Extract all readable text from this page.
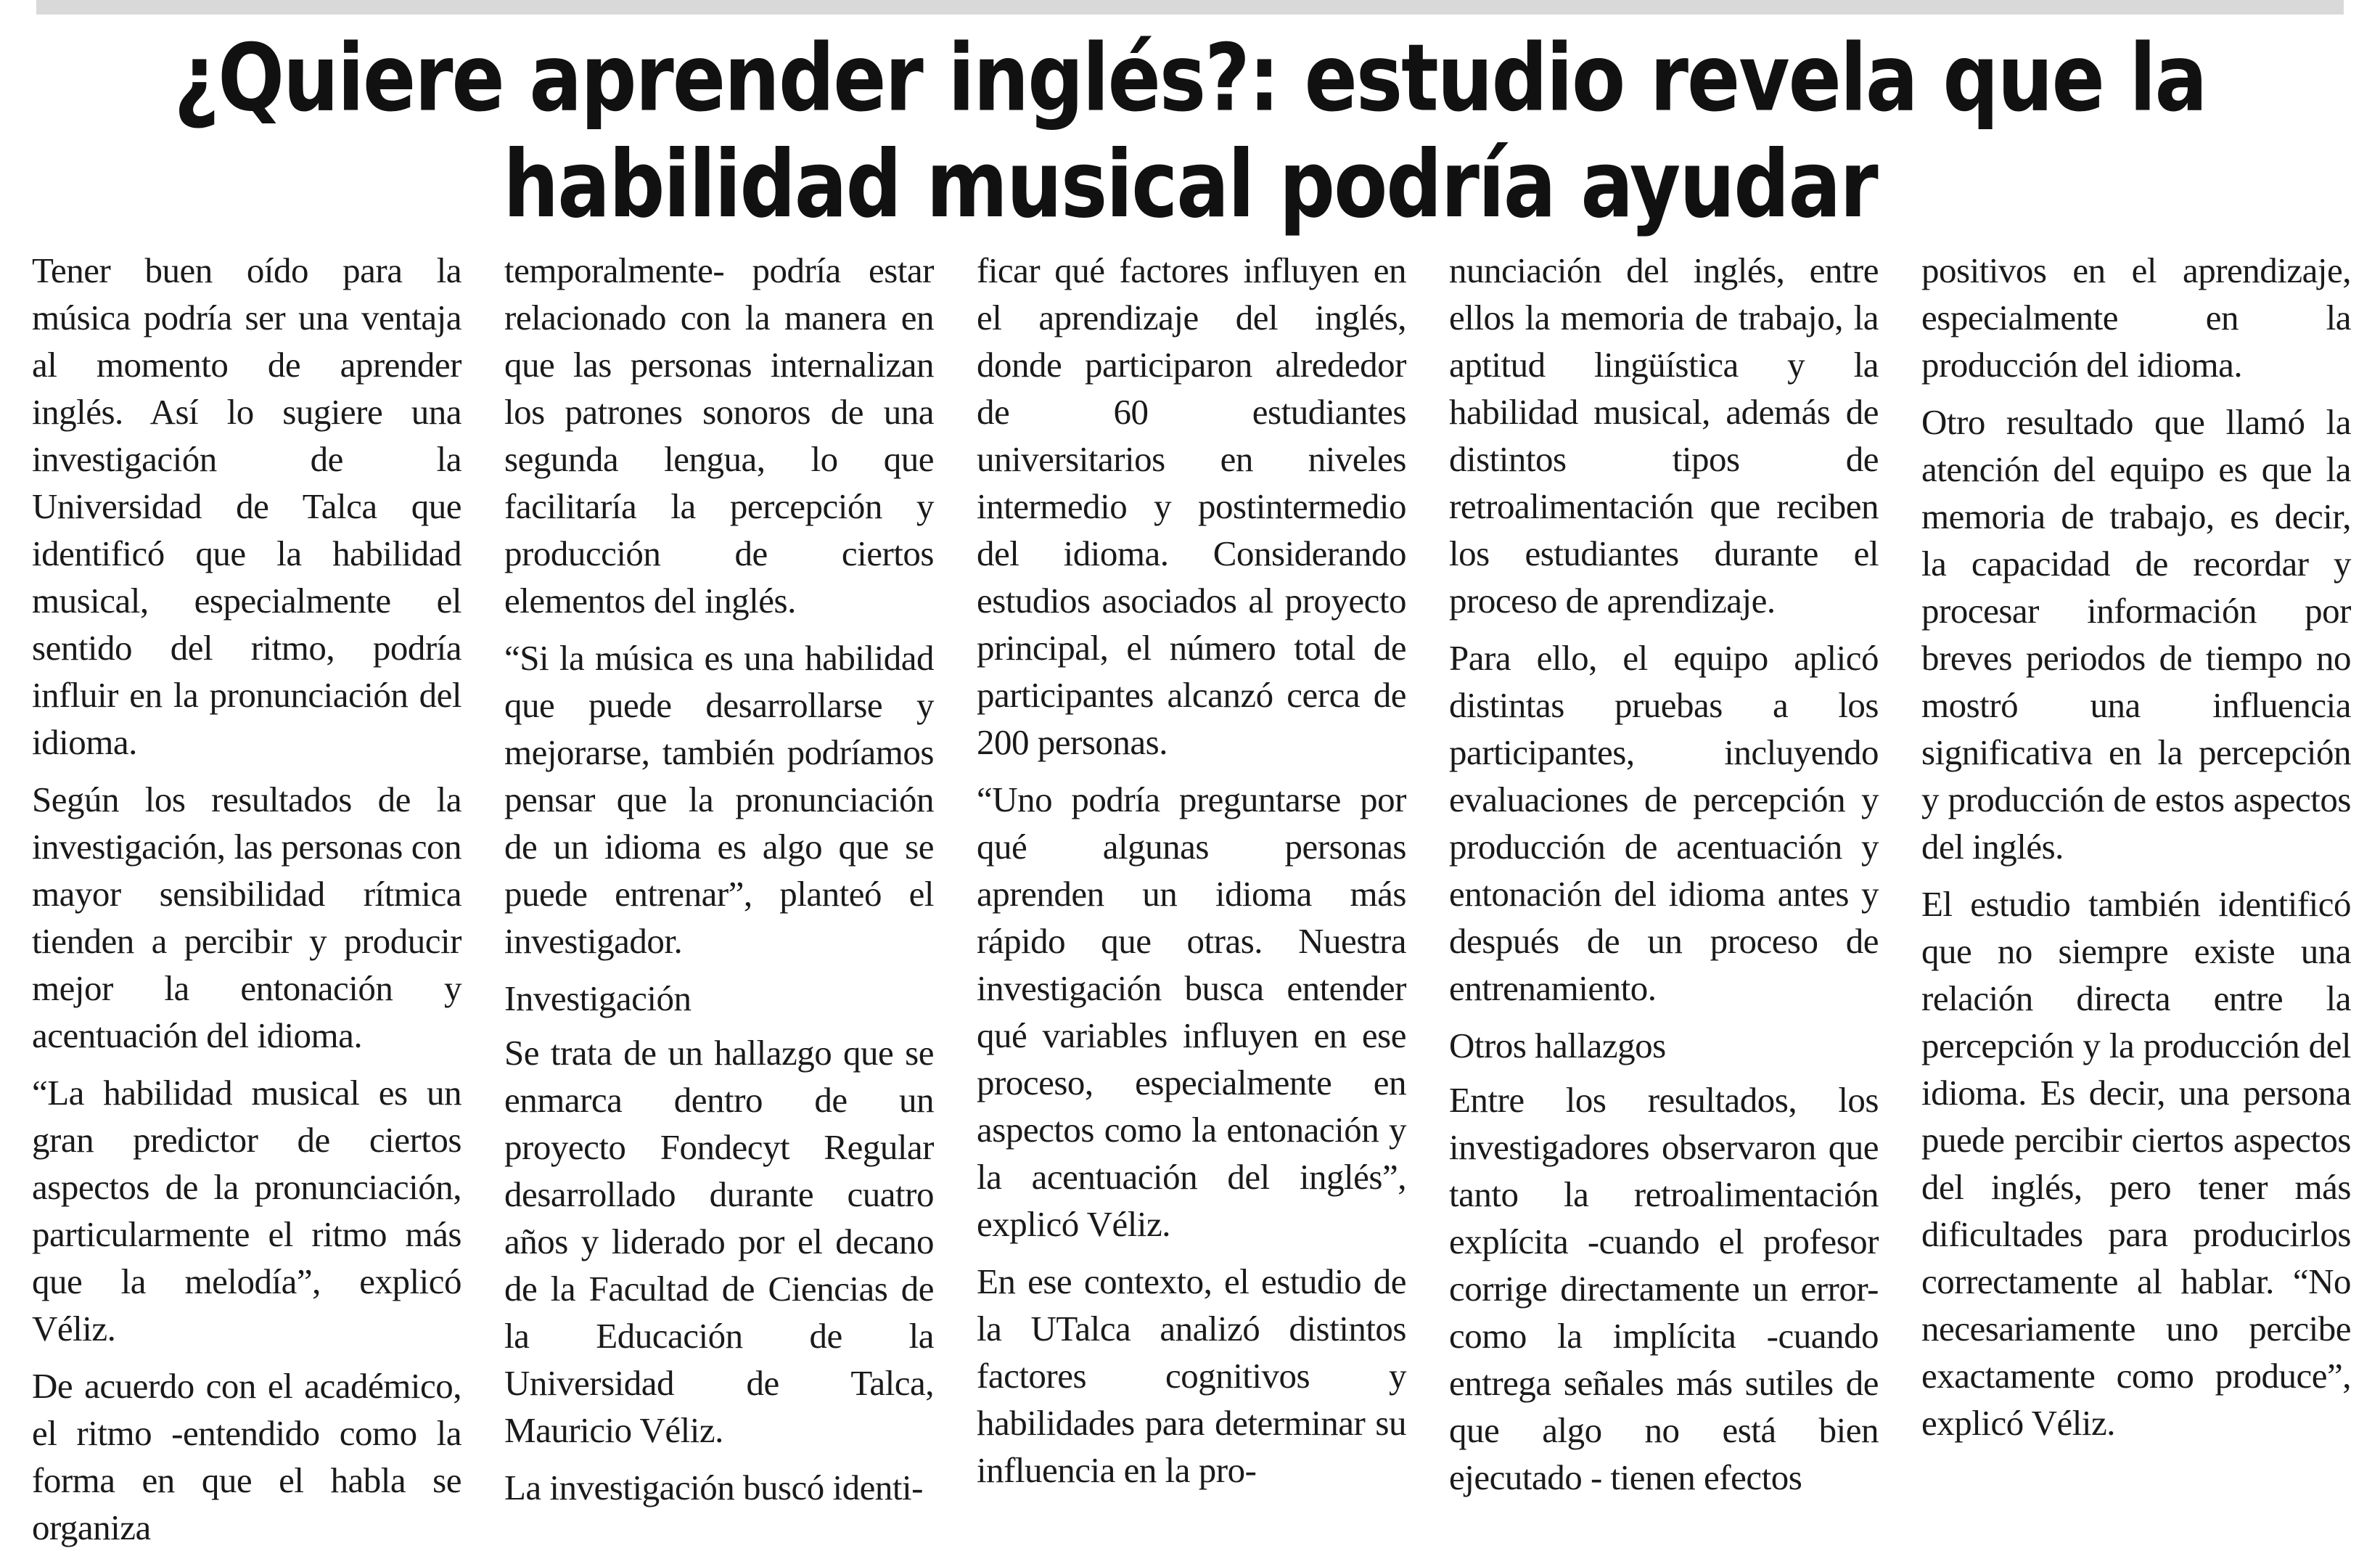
¿Quiere aprender inglés?: estudio revela que la habilidad musical podría ayudar

Tener buen oído para la música podría ser una ventaja al momento de aprender inglés. Así lo sugiere una investigación de la Universidad de Talca que identificó que la habilidad musical, especialmente el sentido del ritmo, podría influir en la pronunciación del idioma.

Según los resultados de la investigación, las personas con mayor sensibilidad rítmica tienden a percibir y producir mejor la entonación y acentuación del idioma.

“La habilidad musical es un gran predictor de ciertos aspectos de la pronunciación, particularmente el ritmo más que la melodía”, explicó Véliz.

De acuerdo con el académico, el ritmo -entendido como la forma en que el habla se organiza

temporalmente- podría estar relacionado con la manera en que las personas internalizan los patrones sonoros de una segunda lengua, lo que facilitaría la percepción y producción de ciertos elementos del inglés.

“Si la música es una habilidad que puede desarrollarse y mejorarse, también podríamos pensar que la pronunciación de un idioma es algo que se puede entrenar”, planteó el investigador.

Investigación

Se trata de un hallazgo que se enmarca dentro de un proyecto Fondecyt Regular desarrollado durante cuatro años y liderado por el decano de la Facultad de Ciencias de la Educación de la Universidad de Talca, Mauricio Véliz.

La investigación buscó identi-

ficar qué factores influyen en el aprendizaje del inglés, donde participaron alrededor de 60 estudiantes universitarios en niveles intermedio y postintermedio del idioma. Considerando estudios asociados al proyecto principal, el número total de participantes alcanzó cerca de 200 personas.

“Uno podría preguntarse por qué algunas personas aprenden un idioma más rápido que otras. Nuestra investigación busca entender qué variables influyen en ese proceso, especialmente en aspectos como la entonación y la acentuación del inglés”, explicó Véliz.

En ese contexto, el estudio de la UTalca analizó distintos factores cognitivos y habilidades para determinar su influencia en la pro-

nunciación del inglés, entre ellos la memoria de trabajo, la aptitud lingüística y la habilidad musical, además de distintos tipos de retroalimentación que reciben los estudiantes durante el proceso de aprendizaje.

Para ello, el equipo aplicó distintas pruebas a los participantes, incluyendo evaluaciones de percepción y producción de acentuación y entonación del idioma antes y después de un proceso de entrenamiento.

Otros hallazgos

Entre los resultados, los investigadores observaron que tanto la retroalimentación explícita -cuando el profesor corrige directamente un error- como la implícita -cuando entrega señales más sutiles de que algo no está bien ejecutado - tienen efectos

positivos en el aprendizaje, especialmente en la producción del idioma.

Otro resultado que llamó la atención del equipo es que la memoria de trabajo, es decir, la capacidad de recordar y procesar información por breves periodos de tiempo no mostró una influencia significativa en la percepción y producción de estos aspectos del inglés.

El estudio también identificó que no siempre existe una relación directa entre la percepción y la producción del idioma. Es decir, una persona puede percibir ciertos aspectos del inglés, pero tener más dificultades para producirlos correctamente al hablar. “No necesariamente uno percibe exactamente como produce”, explicó Véliz.
